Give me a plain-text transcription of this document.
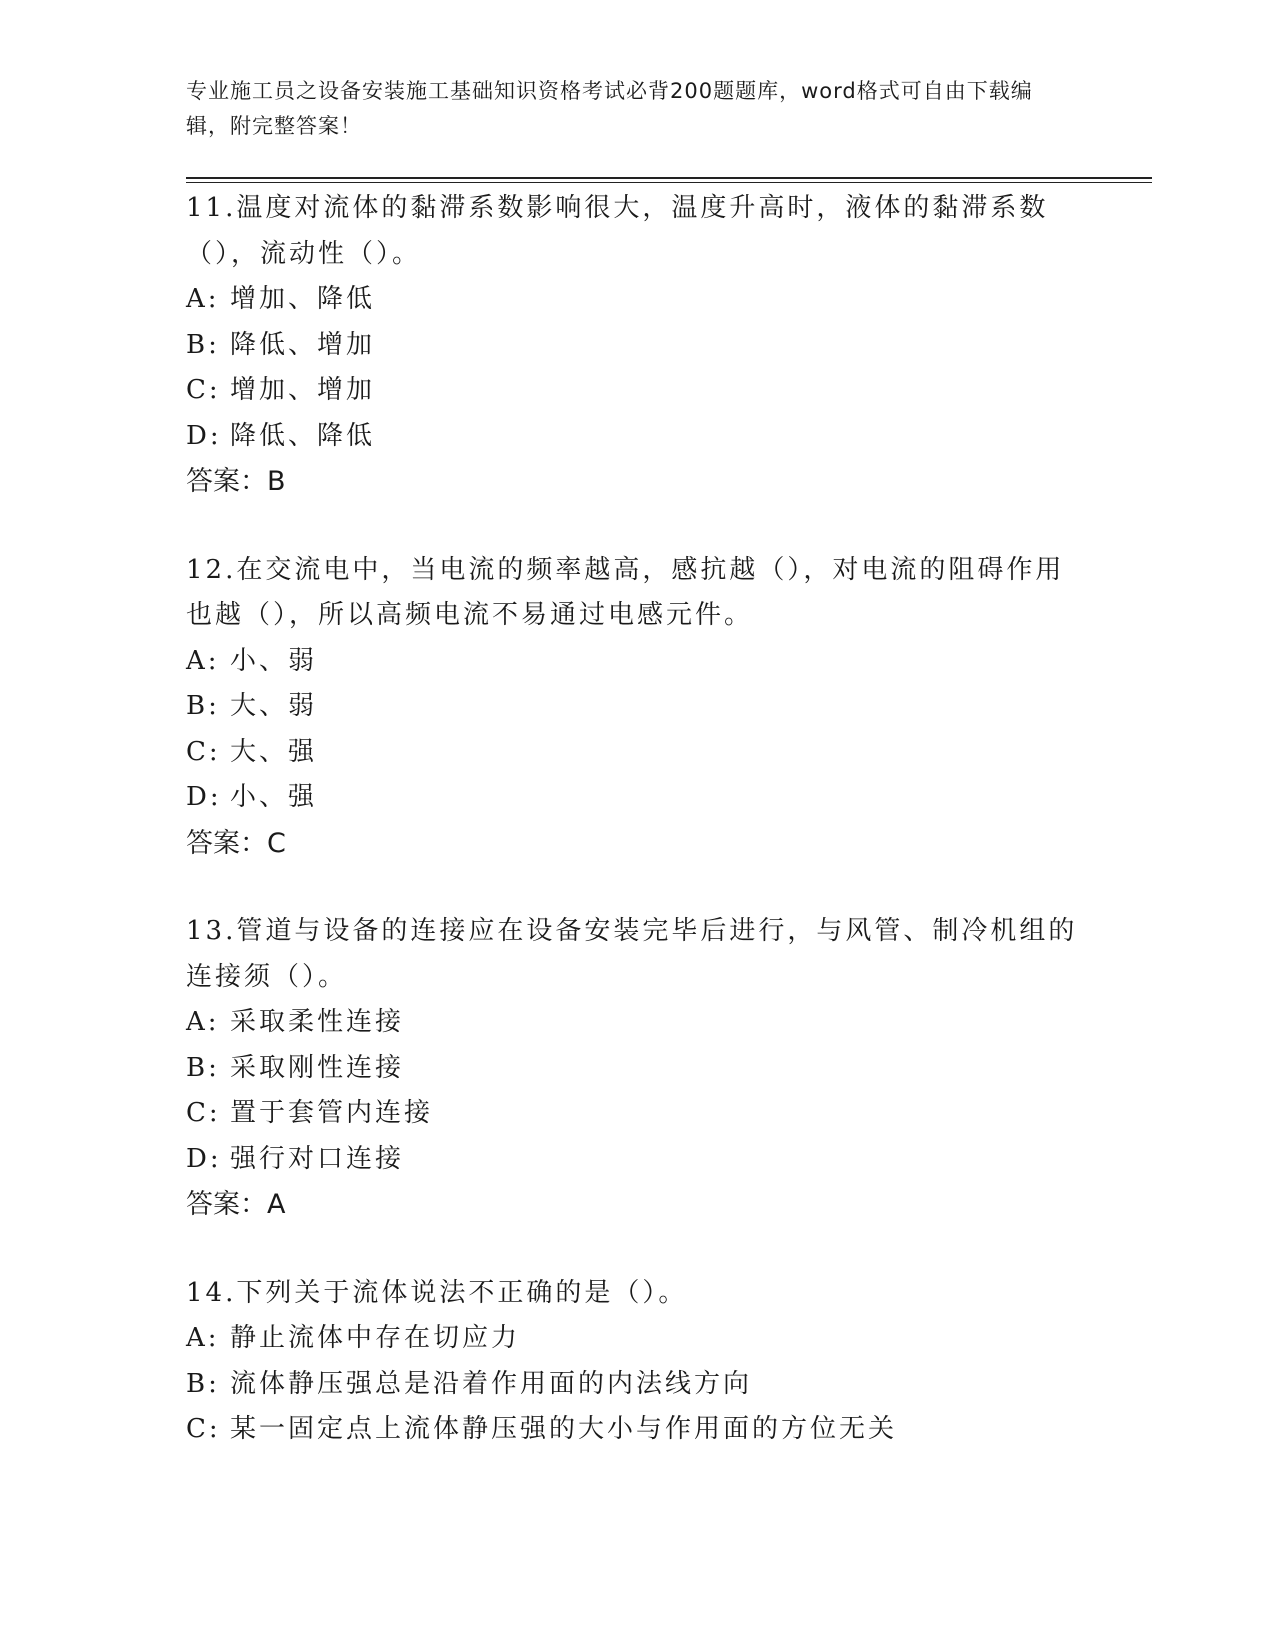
专业施工员之设备安装施工基础知识资格考试必背200题题库，word格式可自由下载编辑，附完整答案！

11.温度对流体的黏滞系数影响很大，温度升高时，液体的黏滞系数（），流动性（）。

A: 增加、降低

B: 降低、增加

C: 增加、增加

D: 降低、降低

答案：B

12.在交流电中，当电流的频率越高，感抗越（），对电流的阻碍作用也越（），所以高频电流不易通过电感元件。

A: 小、弱

B: 大、弱

C: 大、强

D: 小、强

答案：C

13.管道与设备的连接应在设备安装完毕后进行，与风管、制冷机组的连接须（）。

A: 采取柔性连接

B: 采取刚性连接

C: 置于套管内连接

D: 强行对口连接

答案：A

14.下列关于流体说法不正确的是（）。

A: 静止流体中存在切应力

B: 流体静压强总是沿着作用面的内法线方向

C: 某一固定点上流体静压强的大小与作用面的方位无关
